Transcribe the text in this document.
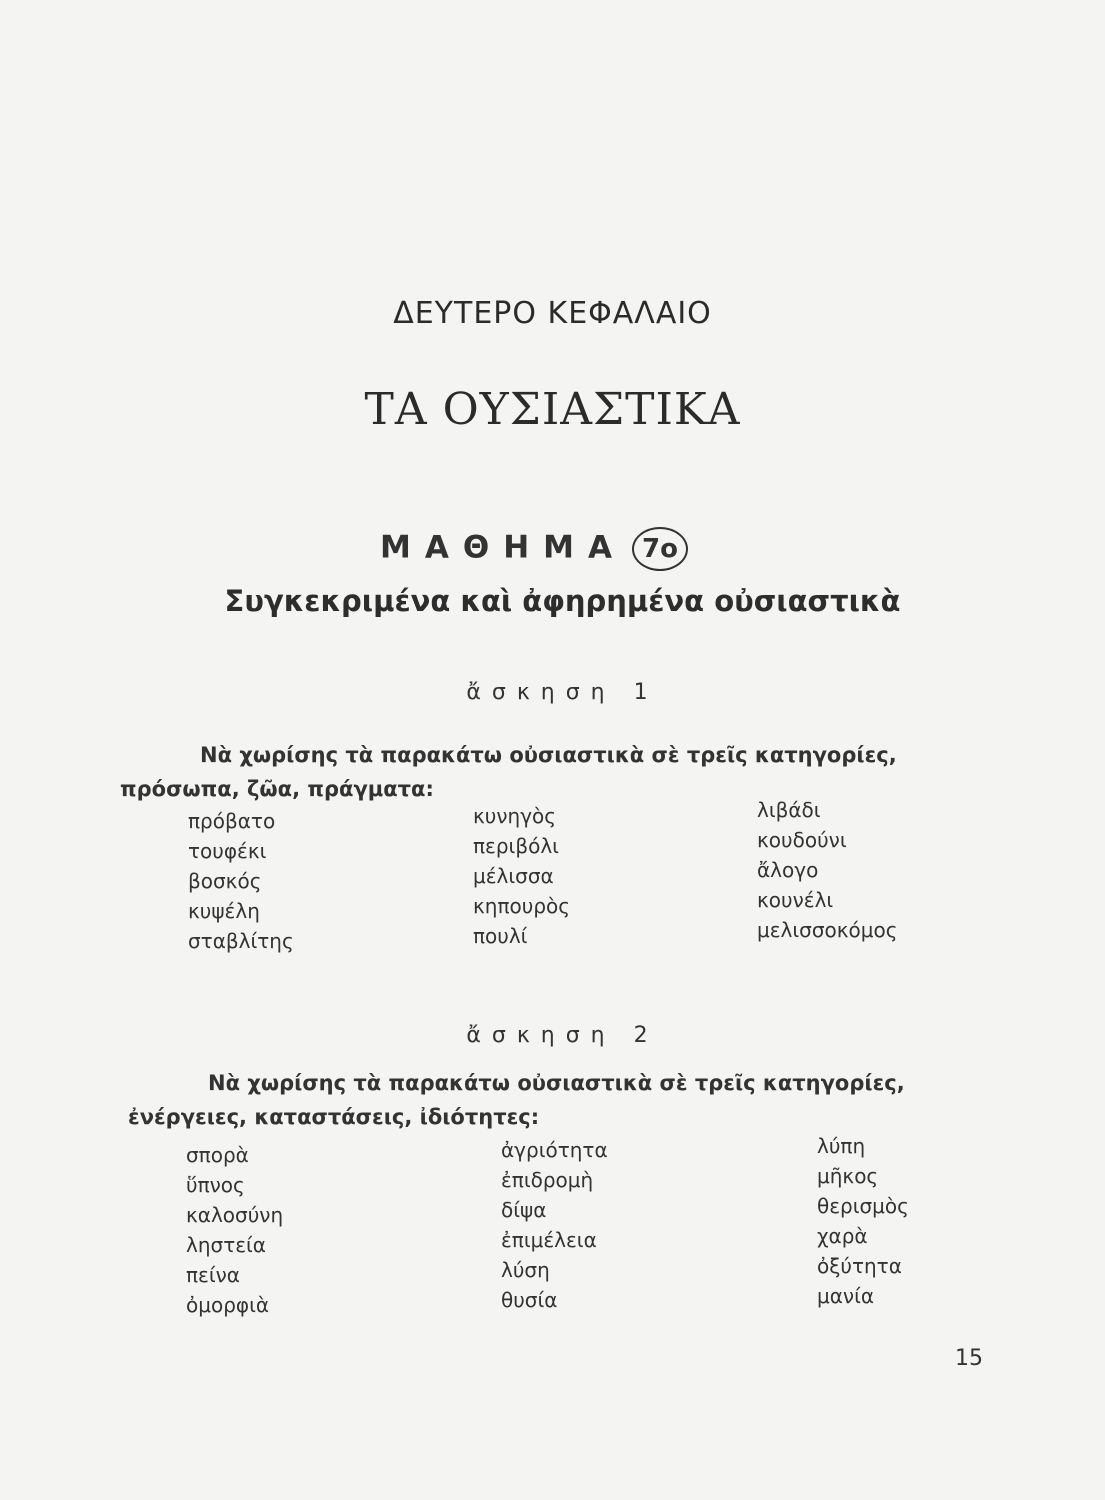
ΔΕΥΤΕΡΟ ΚΕΦΑΛΑΙΟ
ΤΑ ΟΥΣΙΑΣΤΙΚΑ
ΜΑΘΗΜΑ 7ο
Συγκεκριμένα καὶ ἀφηρημένα οὐσιαστικὰ
ἄσκηση 1
Νὰ χωρίσης τὰ παρακάτω οὐσιαστικὰ σὲ τρεῖς κατηγορίες, πρόσωπα, ζῶα, πράγματα:
πρόβατο
τουφέκι
βοσκός
κυψέλη
σταβλίτης
κυνηγὸς
περιβόλι
μέλισσα
κηπουρὸς
πουλί
λιβάδι
κουδούνι
ἄλογο
κουνέλι
μελισσοκόμος
ἄσκηση 2
Νὰ χωρίσης τὰ παρακάτω οὐσιαστικὰ σὲ τρεῖς κατηγορίες, ἐνέργειες, καταστάσεις, ἰδιότητες:
σπορὰ
ὕπνος
καλοσύνη
ληστεία
πείνα
ὀμορφιὰ
ἀγριότητα
ἐπιδρομὴ
δίψα
ἐπιμέλεια
λύση
θυσία
λύπη
μῆκος
θερισμὸς
χαρὰ
ὀξύτητα
μανία
15
